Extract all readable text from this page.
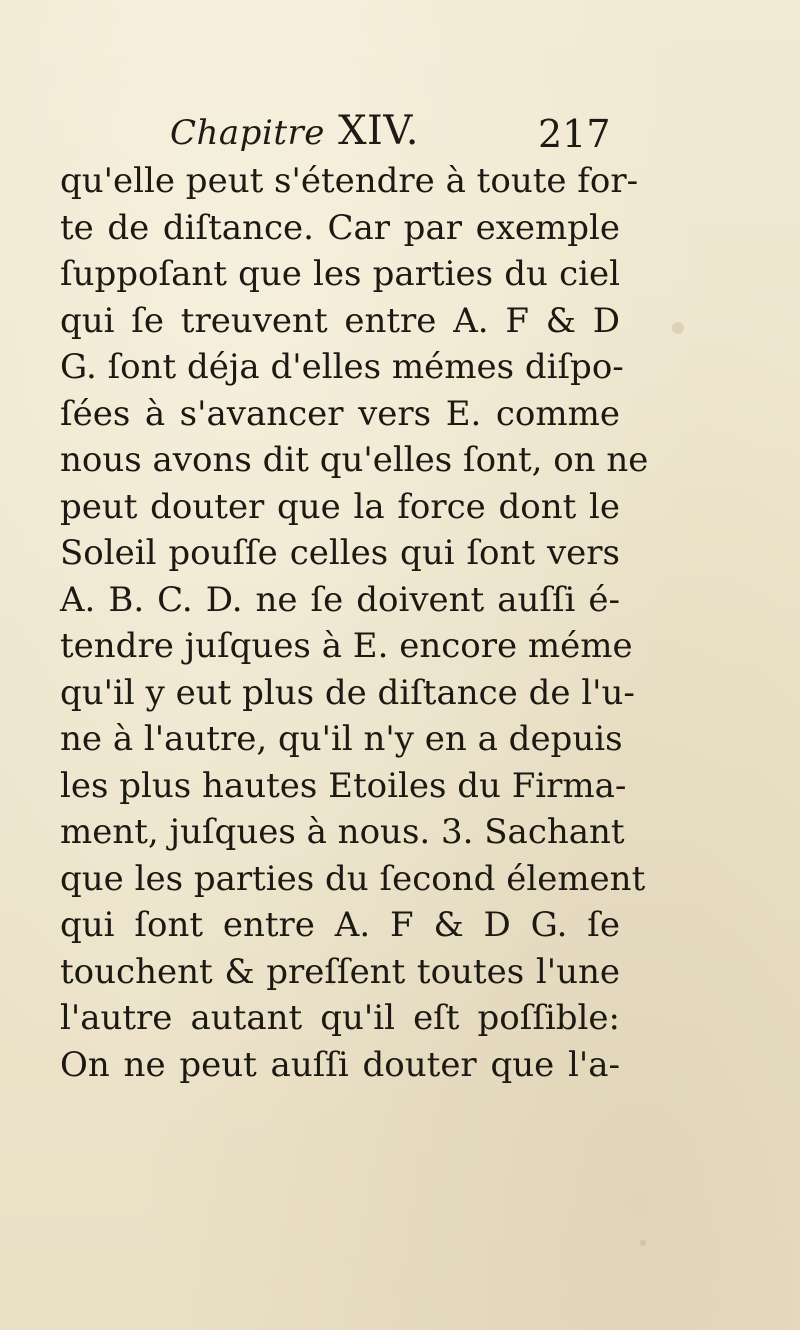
Chapitre XIV.	217
qu'elle peut s'étendre à toute for-
te de diſtance. Car par exemple
ſuppoſant que les parties du ciel
qui ſe treuvent entre A. F & D
G. ſont déja d'elles mémes diſpo-
ſées à s'avancer vers E. comme
nous avons dit qu'elles ſont, on ne
peut douter que la force dont le
Soleil pouſſe celles qui ſont vers
A. B. C. D. ne ſe doivent auſſi é-
tendre juſques à E. encore méme
qu'il y eut plus de diſtance de l'u-
ne à l'autre, qu'il n'y en a depuis
les plus hautes Etoiles du Firma-
ment, juſques à nous. 3. Sachant
que les parties du ſecond élement
qui ſont entre A. F & D G. ſe
touchent & preſſent toutes l'une
l'autre autant qu'il eſt poſſible:
On ne peut auſſi douter que l'a-
